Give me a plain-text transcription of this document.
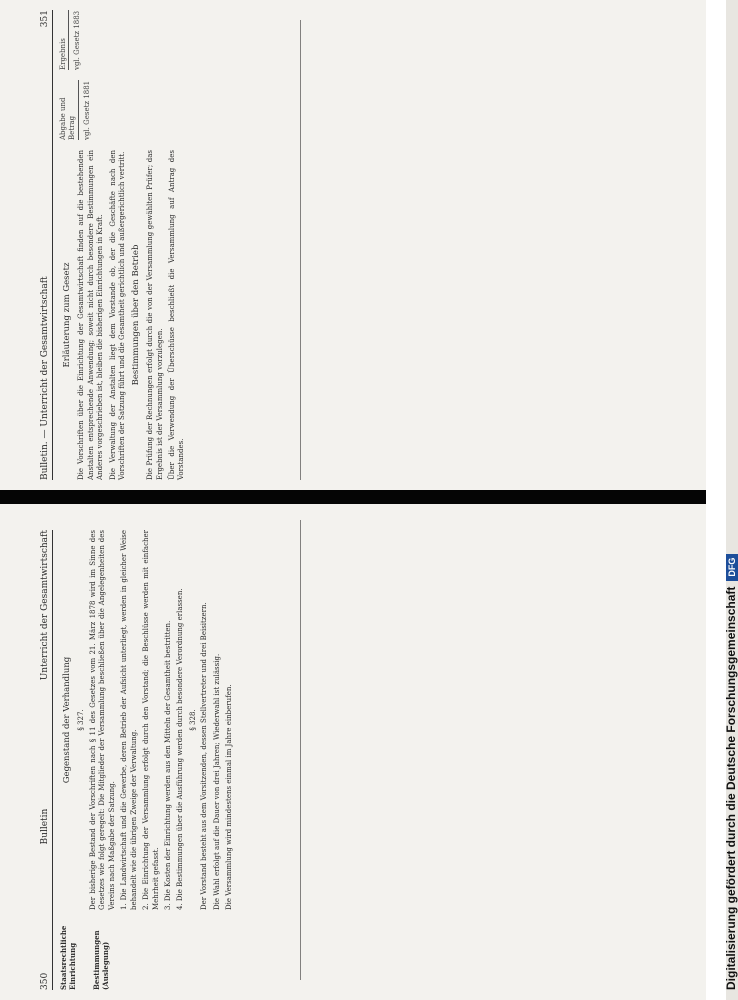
350
Bulletin
Unterricht der Gesamtwirtschaft
Staatsrechtliche Einrichtung Bestimmungen (Auslegung)
Gegenstand der Verhandlung § 327. Der bisherige Bestand der Vorschriften nach § 11 des Gesetzes vom 21. März 1878 wird im Sinne des Gesetzes wie folgt geregelt: Die Mitglieder der Versammlung beschließen über die Angelegenheiten des Vereins nach Maßgabe der Satzung. 1. Die Landwirtschaft und die Gewerbe, deren Betrieb der Aufsicht unterliegt, werden in gleicher Weise behandelt wie die übrigen Zweige der Verwaltung. 2. Die Einrichtung der Versammlung erfolgt durch den Vorstand; die Beschlüsse werden mit einfacher Mehrheit gefasst. 3. Die Kosten der Einrichtung werden aus den Mitteln der Gesamtheit bestritten. 4. Die Bestimmungen über die Ausführung werden durch besondere Verordnung erlassen. § 328. Der Vorstand besteht aus dem Vorsitzenden, dessen Stellvertreter und drei Beisitzern. Die Wahl erfolgt auf die Dauer von drei Jahren; Wiederwahl ist zulässig. Die Versammlung wird mindestens einmal im Jahre einberufen.

Bulletin. — Unterricht der Gesamtwirtschaft
351
Erläuterung zum Gesetz Die Vorschriften über die Einrichtung der Gesamtwirtschaft finden auf die bestehenden Anstalten entsprechende Anwendung; soweit nicht durch besondere Bestimmungen ein Anderes vorgeschrieben ist, bleiben die bisherigen Einrichtungen in Kraft. Die Verwaltung der Anstalten liegt dem Vorstande ob, der die Geschäfte nach den Vorschriften der Satzung führt und die Gesamtheit gerichtlich und außergerichtlich vertritt. Bestimmungen über den Betrieb Die Prüfung der Rechnungen erfolgt durch die von der Versammlung gewählten Prüfer; das Ergebnis ist der Versammlung vorzulegen. Über die Verwendung der Überschüsse beschließt die Versammlung auf Antrag des Vorstandes.

Abgabe und Betrag vgl. Gesetz 1881
Ergebnis vgl. Gesetz 1883
Digitalisierung gefördert durch die Deutsche ForschungsgemeinschaftDFG
